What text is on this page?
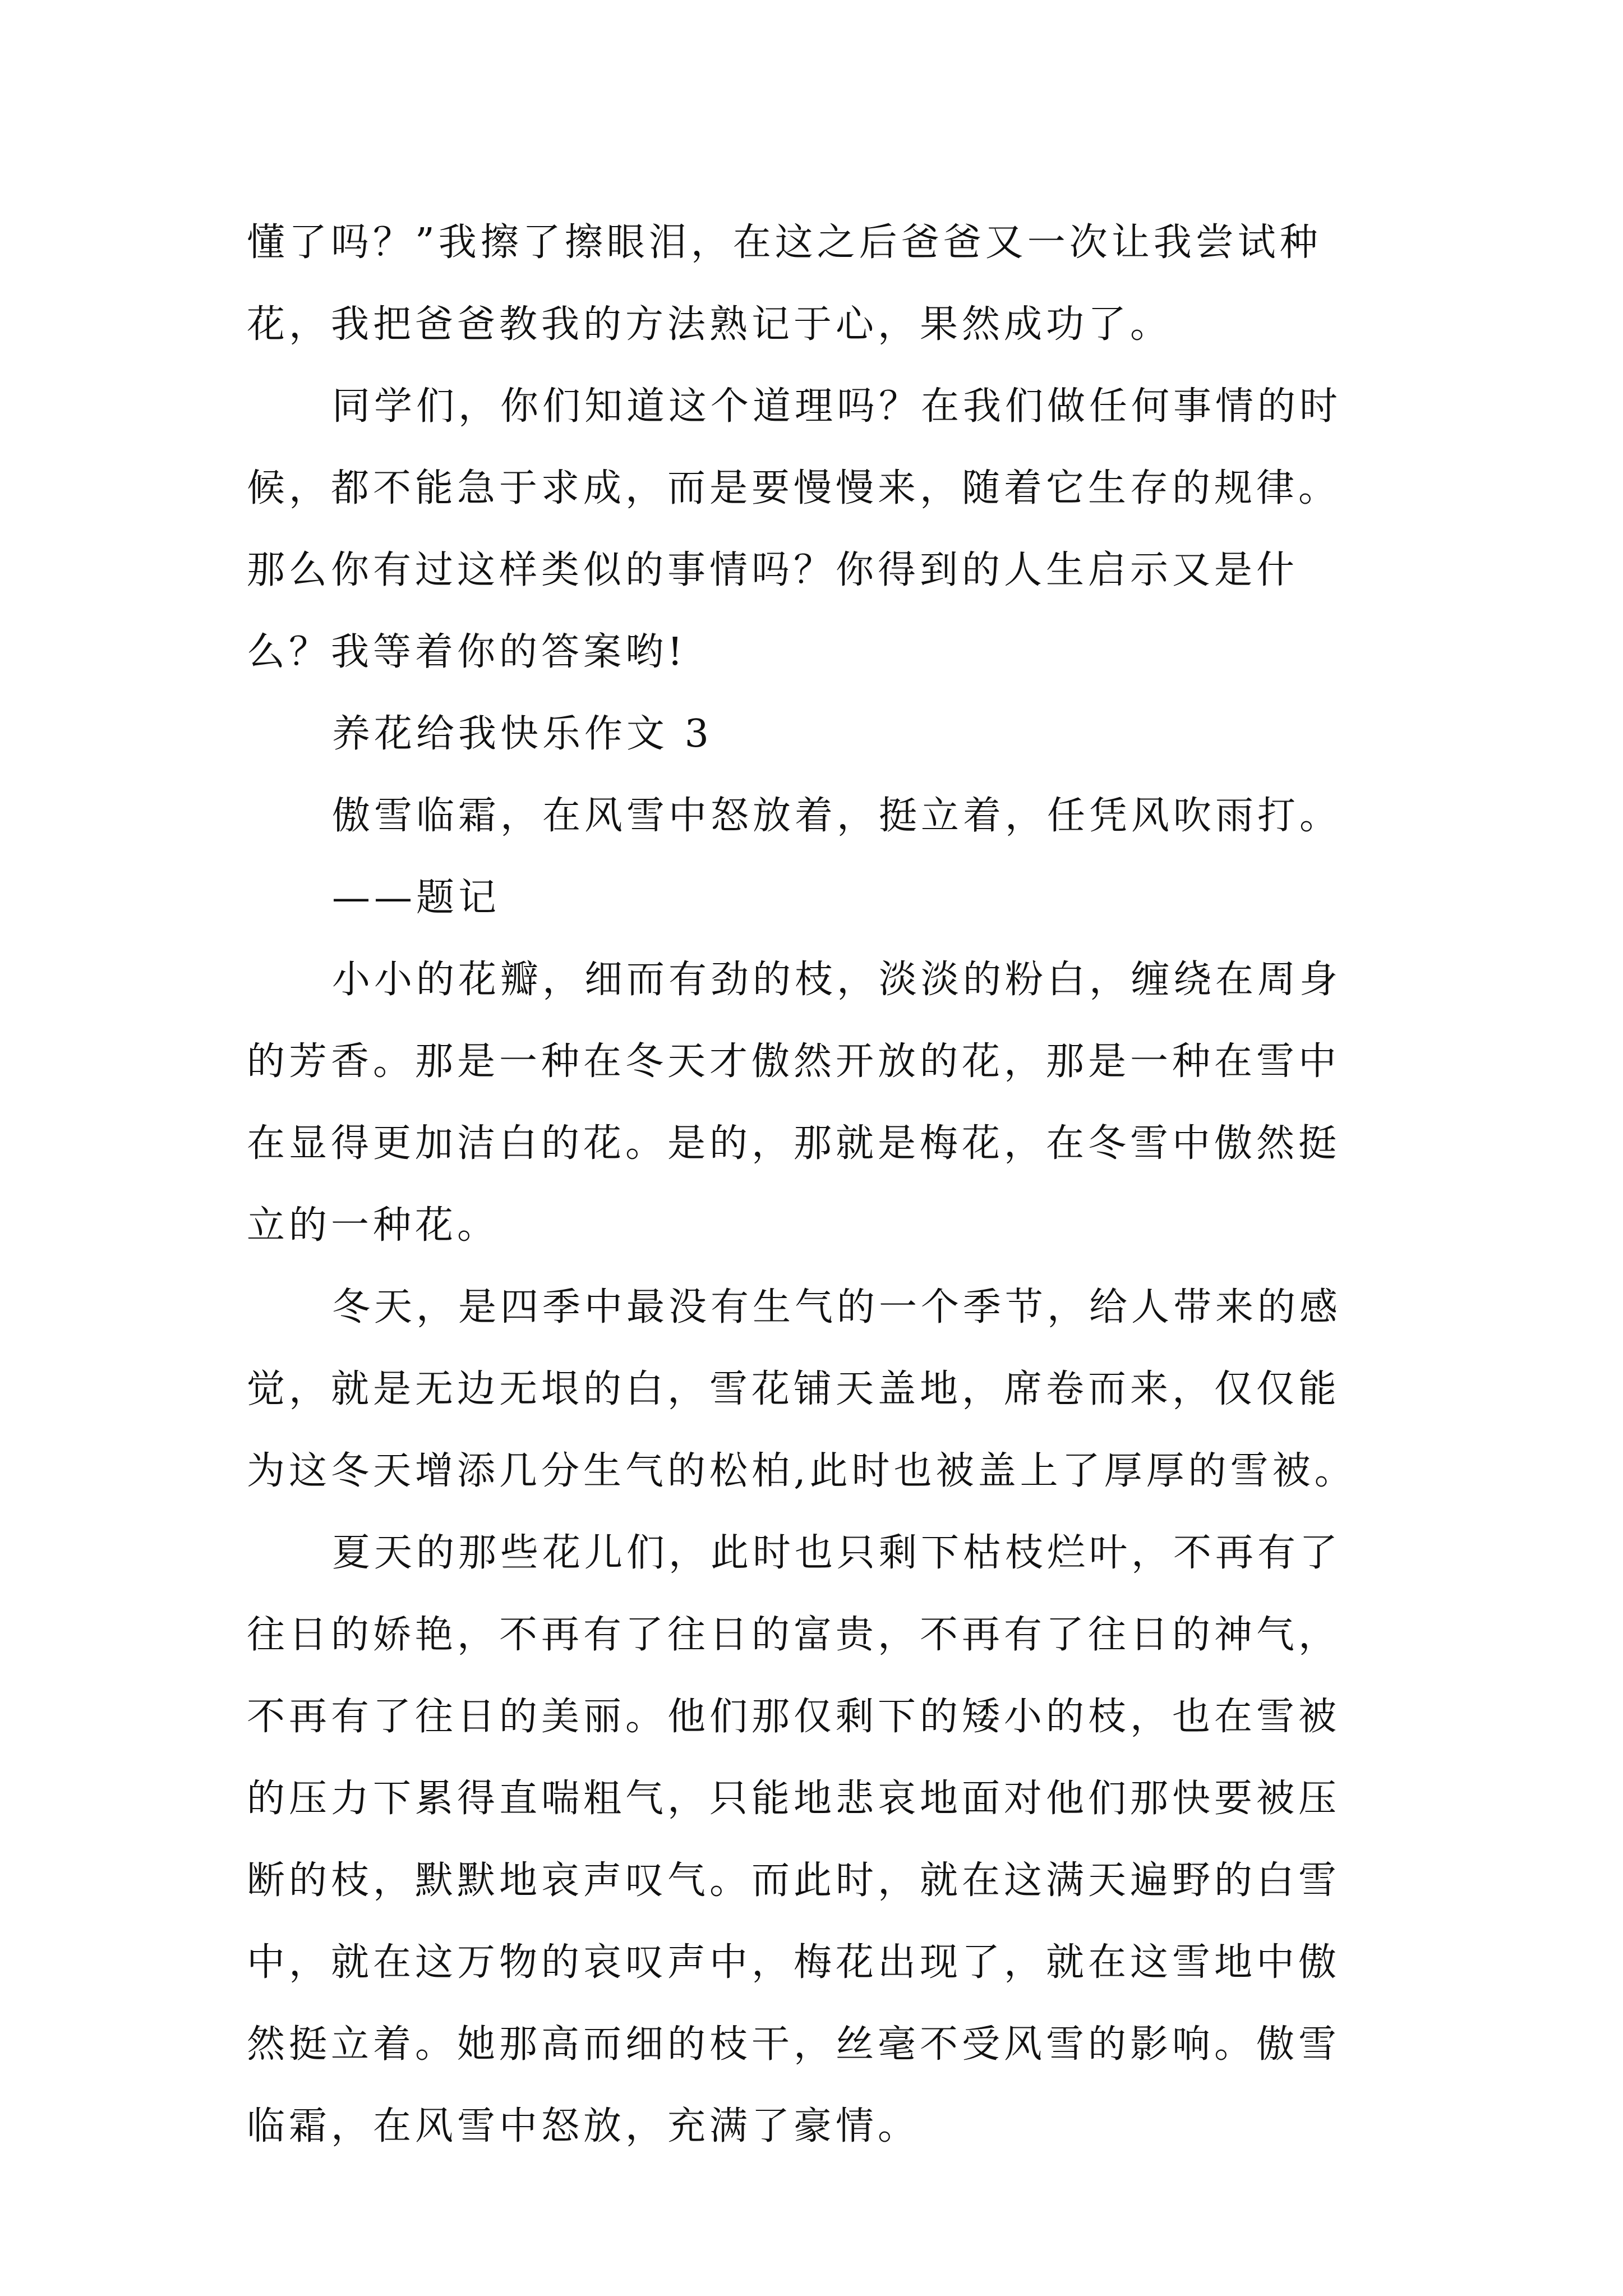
懂了吗？”我擦了擦眼泪，在这之后爸爸又一次让我尝试种
花，我把爸爸教我的方法熟记于心，果然成功了。
同学们，你们知道这个道理吗？在我们做任何事情的时
候，都不能急于求成，而是要慢慢来，随着它生存的规律。
那么你有过这样类似的事情吗？你得到的人生启示又是什
么？我等着你的答案哟!
养花给我快乐作文 3
傲雪临霜，在风雪中怒放着，挺立着，任凭风吹雨打。
——题记
小小的花瓣，细而有劲的枝，淡淡的粉白，缠绕在周身
的芳香。那是一种在冬天才傲然开放的花，那是一种在雪中
在显得更加洁白的花。是的，那就是梅花，在冬雪中傲然挺
立的一种花。
冬天，是四季中最没有生气的一个季节，给人带来的感
觉，就是无边无垠的白，雪花铺天盖地，席卷而来，仅仅能
为这冬天增添几分生气的松柏,此时也被盖上了厚厚的雪被。
夏天的那些花儿们，此时也只剩下枯枝烂叶，不再有了
往日的娇艳，不再有了往日的富贵，不再有了往日的神气，
不再有了往日的美丽。他们那仅剩下的矮小的枝，也在雪被
的压力下累得直喘粗气，只能地悲哀地面对他们那快要被压
断的枝，默默地哀声叹气。而此时，就在这满天遍野的白雪
中，就在这万物的哀叹声中，梅花出现了，就在这雪地中傲
然挺立着。她那高而细的枝干，丝毫不受风雪的影响。傲雪
临霜，在风雪中怒放，充满了豪情。
